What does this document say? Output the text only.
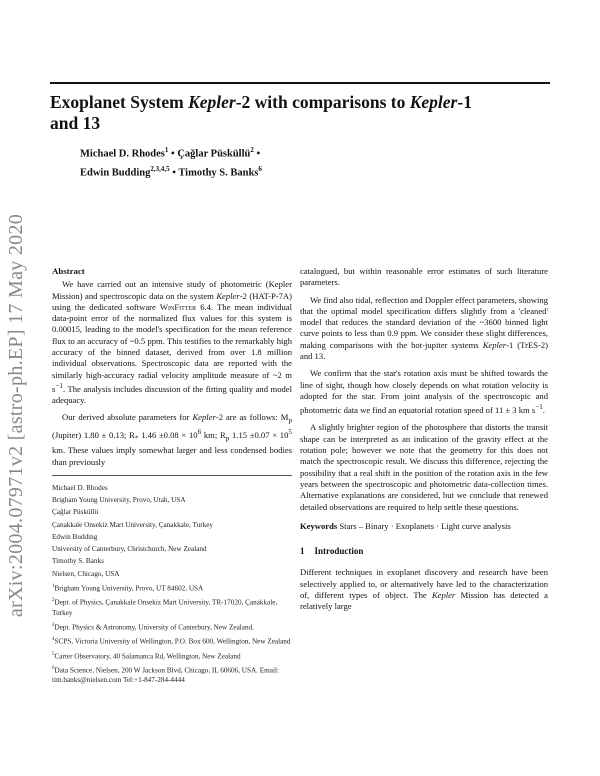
arXiv:2004.07971v2 [astro-ph.EP] 17 May 2020
Exoplanet System Kepler-2 with comparisons to Kepler-1
and 13
Michael D. Rhodes$^1$ • Çağlar Püsküllü$^2$ •
Edwin Budding$^{2,3,4,5}$ • Timothy S. Banks$^6$
Abstract

We have carried out an intensive study of photometric (Kepler Mission) and spectroscopic data on the system Kepler-2 (HAT-P-7A) using the dedicated software WinFitter 6.4. The mean individual data-point error of the normalized flux values for this system is 0.00015, leading to the model's specification for the mean reference flux to an accuracy of ~0.5 ppm. This testifies to the remarkably high accuracy of the binned dataset, derived from over 1.8 million individual observations. Spectroscopic data are reported with the similarly high-accuracy radial velocity amplitude measure of ~2 m $s^{-1}$. The analysis includes discussion of the fitting quality and model adequacy.

Our derived absolute parameters for Kepler-2 are as follows: $M_p$ (Jupiter) 1.80 ± 0.13; $R_*$ $1.46 \pm 0.08 \times 10^6$ km; $R_p$ $1.15 \pm 0.07 \times 10^5$ km. These values imply somewhat larger and less condensed bodies than previously

Michael D. Rhodes
Brigham Young University, Provo, Utah, USA
Çağlar Püsküllü
Çanakkale Onsekiz Mart University, Çanakkale, Turkey
Edwin Budding
University of Canterbury, Christchurch, New Zealand
Timothy S. Banks
Nielsen, Chicago, USA
$^1$Brigham Young University, Provo, UT 84602, USA
$^2$Dept. of Physics, Çanakkale Onsekiz Mart University, TR-17020, Çanakkale, Turkey
$^3$Dept. Physics & Astronomy, University of Canterbury, New Zealand.
$^4$SCPS, Victoria University of Wellington, P.O. Box 600, Wellington, New Zealand
$^5$Carter Observatory, 40 Salamanca Rd, Wellington, New Zealand
$^6$Data Science, Nielsen, 200 W Jackson Blvd, Chicago, IL 60606, USA. Email: tim.banks@nielsen.com Tel:+1-847-284-4444

catalogued, but within reasonable error estimates of such literature parameters.

We find also tidal, reflection and Doppler effect parameters, showing that the optimal model specification differs slightly from a 'cleaned' model that reduces the standard deviation of the ~3600 binned light curve points to less than 0.9 ppm. We consider these slight differences, making comparisons with the hot-jupiter systems Kepler-1 (TrES-2) and 13.

We confirm that the star's rotation axis must be shifted towards the line of sight, though how closely depends on what rotation velocity is adopted for the star. From joint analysis of the spectroscopic and photometric data we find an equatorial rotation speed of 11 ± 3 km $s^{-1}$.

A slightly brighter region of the photosphere that distorts the transit shape can be interpreted as an indication of the gravity effect at the rotation pole; however we note that the geometry for this does not match the spectroscopic result. We discuss this difference, rejecting the possibility that a real shift in the position of the rotation axis in the few years between the spectroscopic and photometric data-collection times. Alternative explanations are considered, but we conclude that renewed detailed observations are required to help settle these questions.

Keywords Stars – Binary · Exoplanets · Light curve analysis
1 Introduction

Different techniques in exoplanet discovery and research have been selectively applied to, or alternatively have led to the characterization of, different types of object. The Kepler Mission has detected a relatively large
